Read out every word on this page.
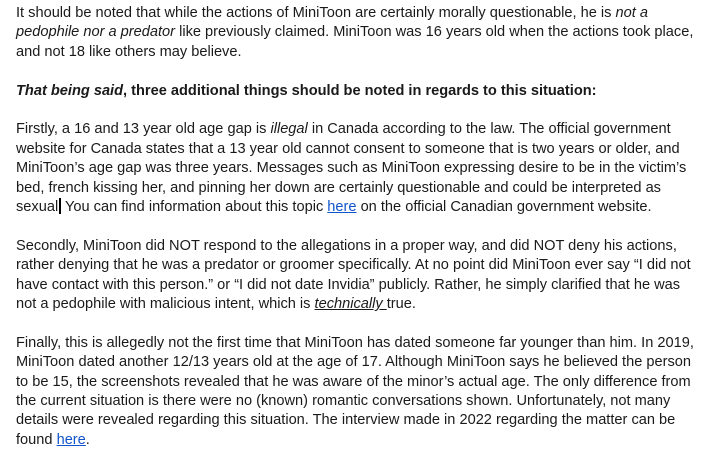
It should be noted that while the actions of MiniToon are certainly morally questionable, he is not a pedophile nor a predator like previously claimed. MiniToon was 16 years old when the actions took place, and not 18 like others may believe.

That being said, three additional things should be noted in regards to this situation:

Firstly, a 16 and 13 year old age gap is illegal in Canada according to the law. The official government website for Canada states that a 13 year old cannot consent to someone that is two years or older, and MiniToon’s age gap was three years. Messages such as MiniToon expressing desire to be in the victim’s bed, french kissing her, and pinning her down are certainly questionable and could be interpreted as sexual You can find information about this topic here on the official Canadian government website.

Secondly, MiniToon did NOT respond to the allegations in a proper way, and did NOT deny his actions, rather denying that he was a predator or groomer specifically. At no point did MiniToon ever say “I did not have contact with this person.” or “I did not date Invidia” publicly. Rather, he simply clarified that he was not a pedophile with malicious intent, which is technically true.

Finally, this is allegedly not the first time that MiniToon has dated someone far younger than him. In 2019, MiniToon dated another 12/13 years old at the age of 17. Although MiniToon says he believed the person to be 15, the screenshots revealed that he was aware of the minor’s actual age. The only difference from the current situation is there were no (known) romantic conversations shown. Unfortunately, not many details were revealed regarding this situation. The interview made in 2022 regarding the matter can be found here.
